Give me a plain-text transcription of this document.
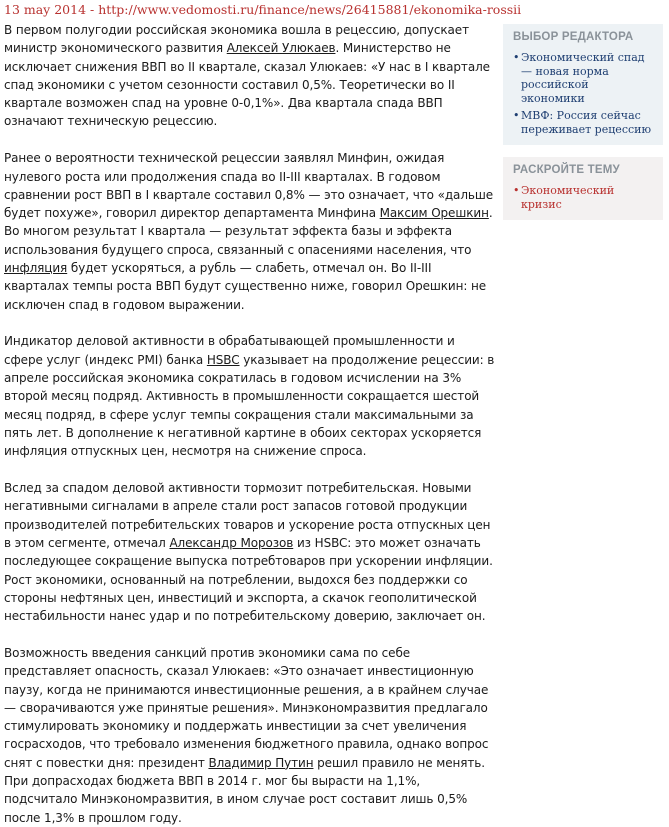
13 may 2014 - http://www.vedomosti.ru/finance/news/26415881/ekonomika-rossii

В первом полугодии российская экономика вошла в рецессию, допускает министр экономического развития Алексей Улюкаев. Министерство не исключает снижения ВВП во II квартале, сказал Улюкаев: «У нас в I квартале спад экономики с учетом сезонности составил 0,5%. Теоретически во II квартале возможен спад на уровне 0-0,1%». Два квартала спада ВВП означают техническую рецессию.

Ранее о вероятности технической рецессии заявлял Минфин, ожидая нулевого роста или продолжения спада во II-III кварталах. В годовом сравнении рост ВВП в I квартале составил 0,8% — это означает, что «дальше будет похуже», говорил директор департамента Минфина Максим Орешкин. Во многом результат I квартала — результат эффекта базы и эффекта использования будущего спроса, связанный с опасениями населения, что инфляция будет ускоряться, а рубль — слабеть, отмечал он. Во II-III кварталах темпы роста ВВП будут существенно ниже, говорил Орешкин: не исключен спад в годовом выражении.

Индикатор деловой активности в обрабатывающей промышленности и сфере услуг (индекс PMI) банка HSBC указывает на продолжение рецессии: в апреле российская экономика сократилась в годовом исчислении на 3% второй месяц подряд. Активность в промышленности сокращается шестой месяц подряд, в сфере услуг темпы сокращения стали максимальными за пять лет. В дополнение к негативной картине в обоих секторах ускоряется инфляция отпускных цен, несмотря на снижение спроса.

Вслед за спадом деловой активности тормозит потребительская. Новыми негативными сигналами в апреле стали рост запасов готовой продукции производителей потребительских товаров и ускорение роста отпускных цен в этом сегменте, отмечал Александр Морозов из HSBC: это может означать последующее сокращение выпуска потребтоваров при ускорении инфляции. Рост экономики, основанный на потреблении, выдохся без поддержки со стороны нефтяных цен, инвестиций и экспорта, а скачок геополитической нестабильности нанес удар и по потребительскому доверию, заключает он.

Возможность введения санкций против экономики сама по себе представляет опасность, сказал Улюкаев: «Это означает инвестиционную паузу, когда не принимаются инвестиционные решения, а в крайнем случае — сворачиваются уже принятые решения». Минэкономразвития предлагало стимулировать экономику и поддержать инвестиции за счет увеличения госрасходов, что требовало изменения бюджетного правила, однако вопрос снят с повестки дня: президент Владимир Путин решил правило не менять. При допрасходах бюджета ВВП в 2014 г. мог бы вырасти на 1,1%, подсчитало Минэкономразвития, в ином случае рост составит лишь 0,5% после 1,3% в прошлом году.

ВЫБОР РЕДАКТОРА
• Экономический спад — новая норма российской экономики
• МВФ: Россия сейчас переживает рецессию
РАСКРОЙТЕ ТЕМУ
• Экономический кризис
